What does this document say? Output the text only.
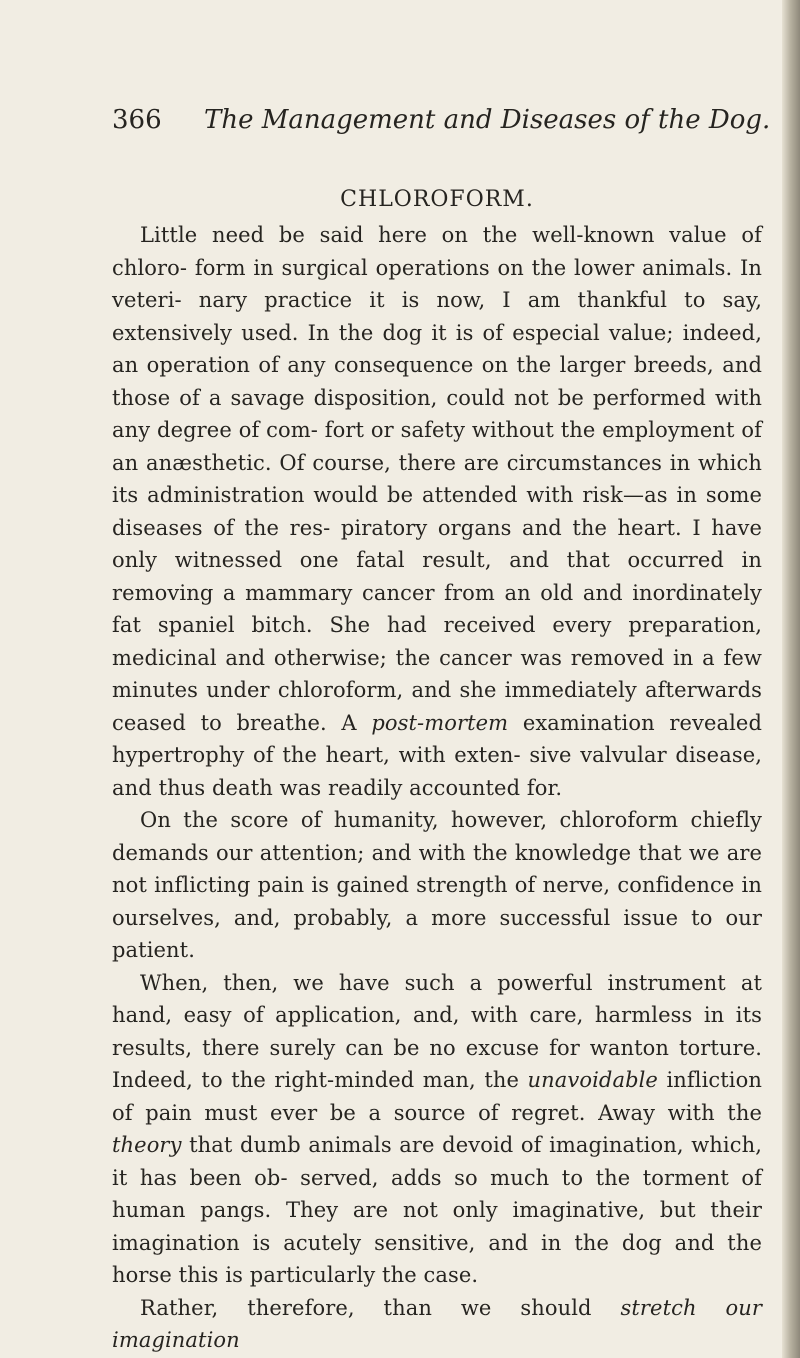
366 The Management and Diseases of the Dog.
CHLOROFORM.

Little need be said here on the well-known value of chloro- form in surgical operations on the lower animals. In veteri- nary practice it is now, I am thankful to say, extensively used. In the dog it is of especial value; indeed, an operation of any consequence on the larger breeds, and those of a savage disposition, could not be performed with any degree of com- fort or safety without the employment of an anæsthetic. Of course, there are circumstances in which its administration would be attended with risk—as in some diseases of the res- piratory organs and the heart. I have only witnessed one fatal result, and that occurred in removing a mammary cancer from an old and inordinately fat spaniel bitch. She had received every preparation, medicinal and otherwise; the cancer was removed in a few minutes under chloroform, and she immediately afterwards ceased to breathe. A post-mortem examination revealed hypertrophy of the heart, with exten- sive valvular disease, and thus death was readily accounted for.

On the score of humanity, however, chloroform chiefly demands our attention; and with the knowledge that we are not inflicting pain is gained strength of nerve, confidence in ourselves, and, probably, a more successful issue to our patient.

When, then, we have such a powerful instrument at hand, easy of application, and, with care, harmless in its results, there surely can be no excuse for wanton torture. Indeed, to the right-minded man, the unavoidable infliction of pain must ever be a source of regret. Away with the theory that dumb animals are devoid of imagination, which, it has been ob- served, adds so much to the torment of human pangs. They are not only imaginative, but their imagination is acutely sensitive, and in the dog and the horse this is particularly the case.

Rather, therefore, than we should stretch our imagination
